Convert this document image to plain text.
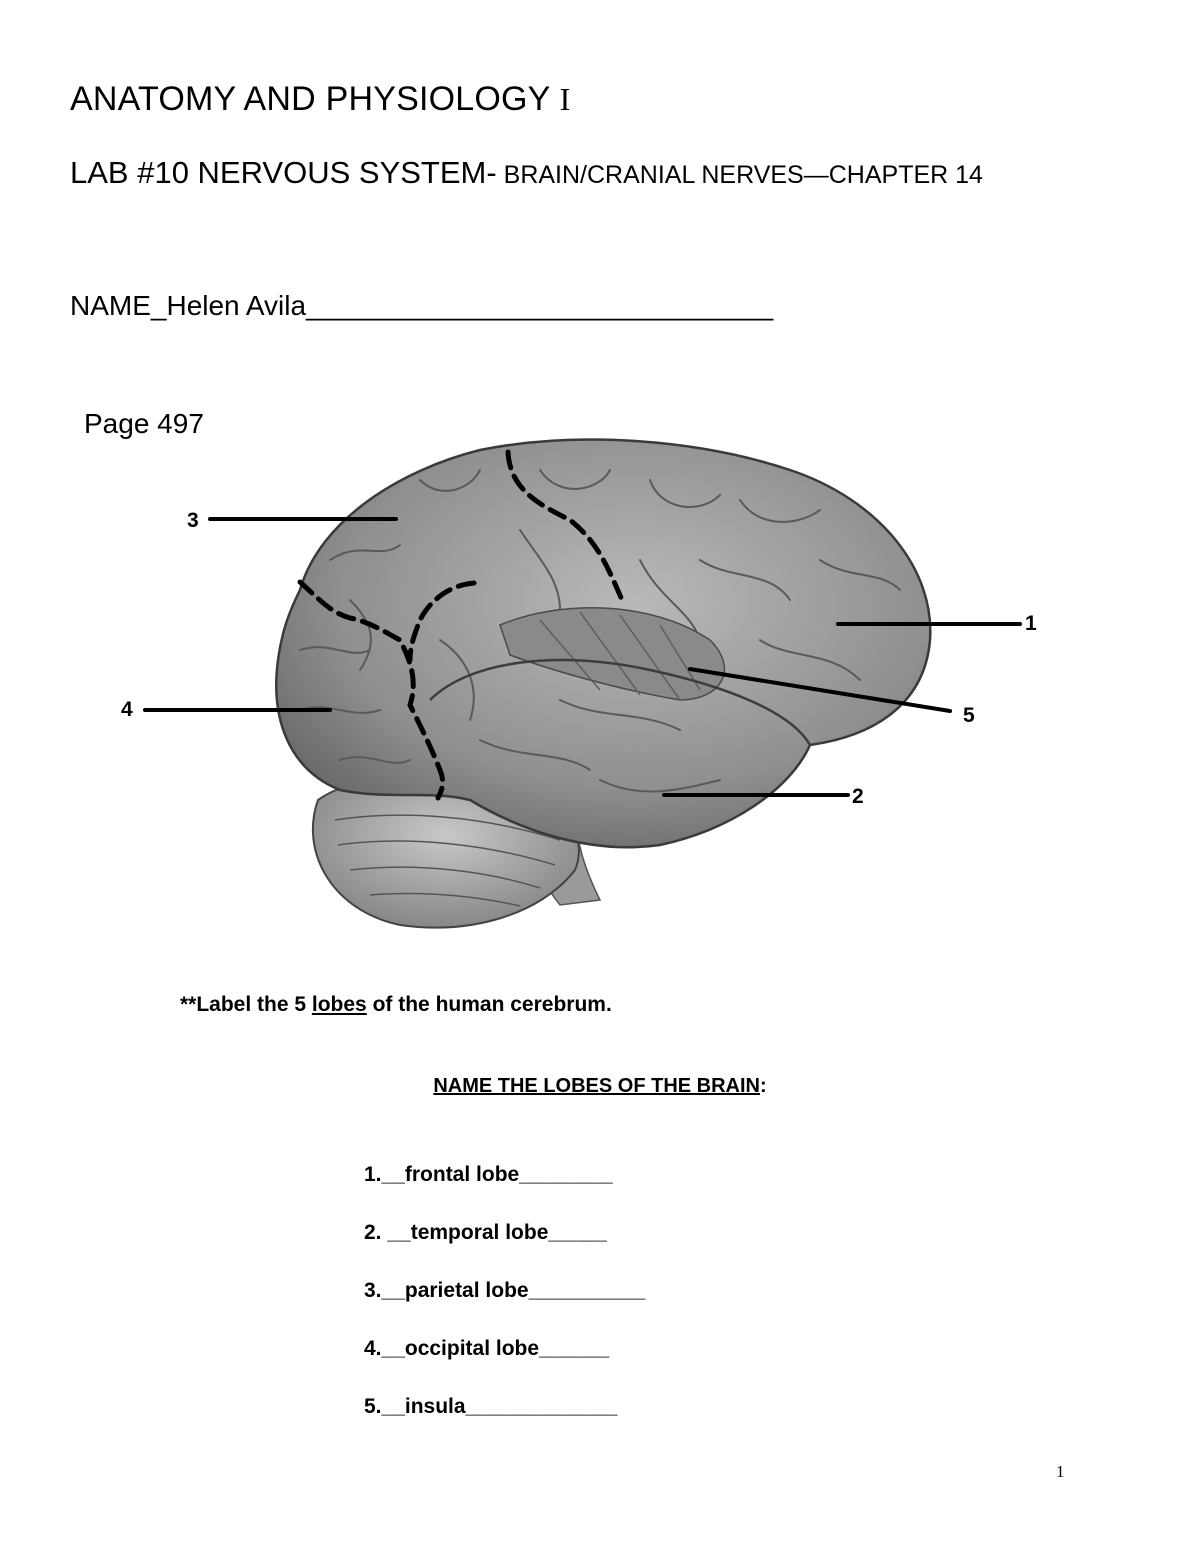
ANATOMY AND PHYSIOLOGY I
LAB #10 NERVOUS SYSTEM- BRAIN/CRANIAL NERVES—CHAPTER 14
NAME_Helen Avila______________________________
Page 497
1
2
3
4	5
**Label the 5 lobes of the human cerebrum.
NAME THE LOBES OF THE BRAIN:
1.__frontal lobe________
2. __temporal lobe_____
3.__parietal lobe__________
4.__occipital lobe______
5.__insula_____________
1
